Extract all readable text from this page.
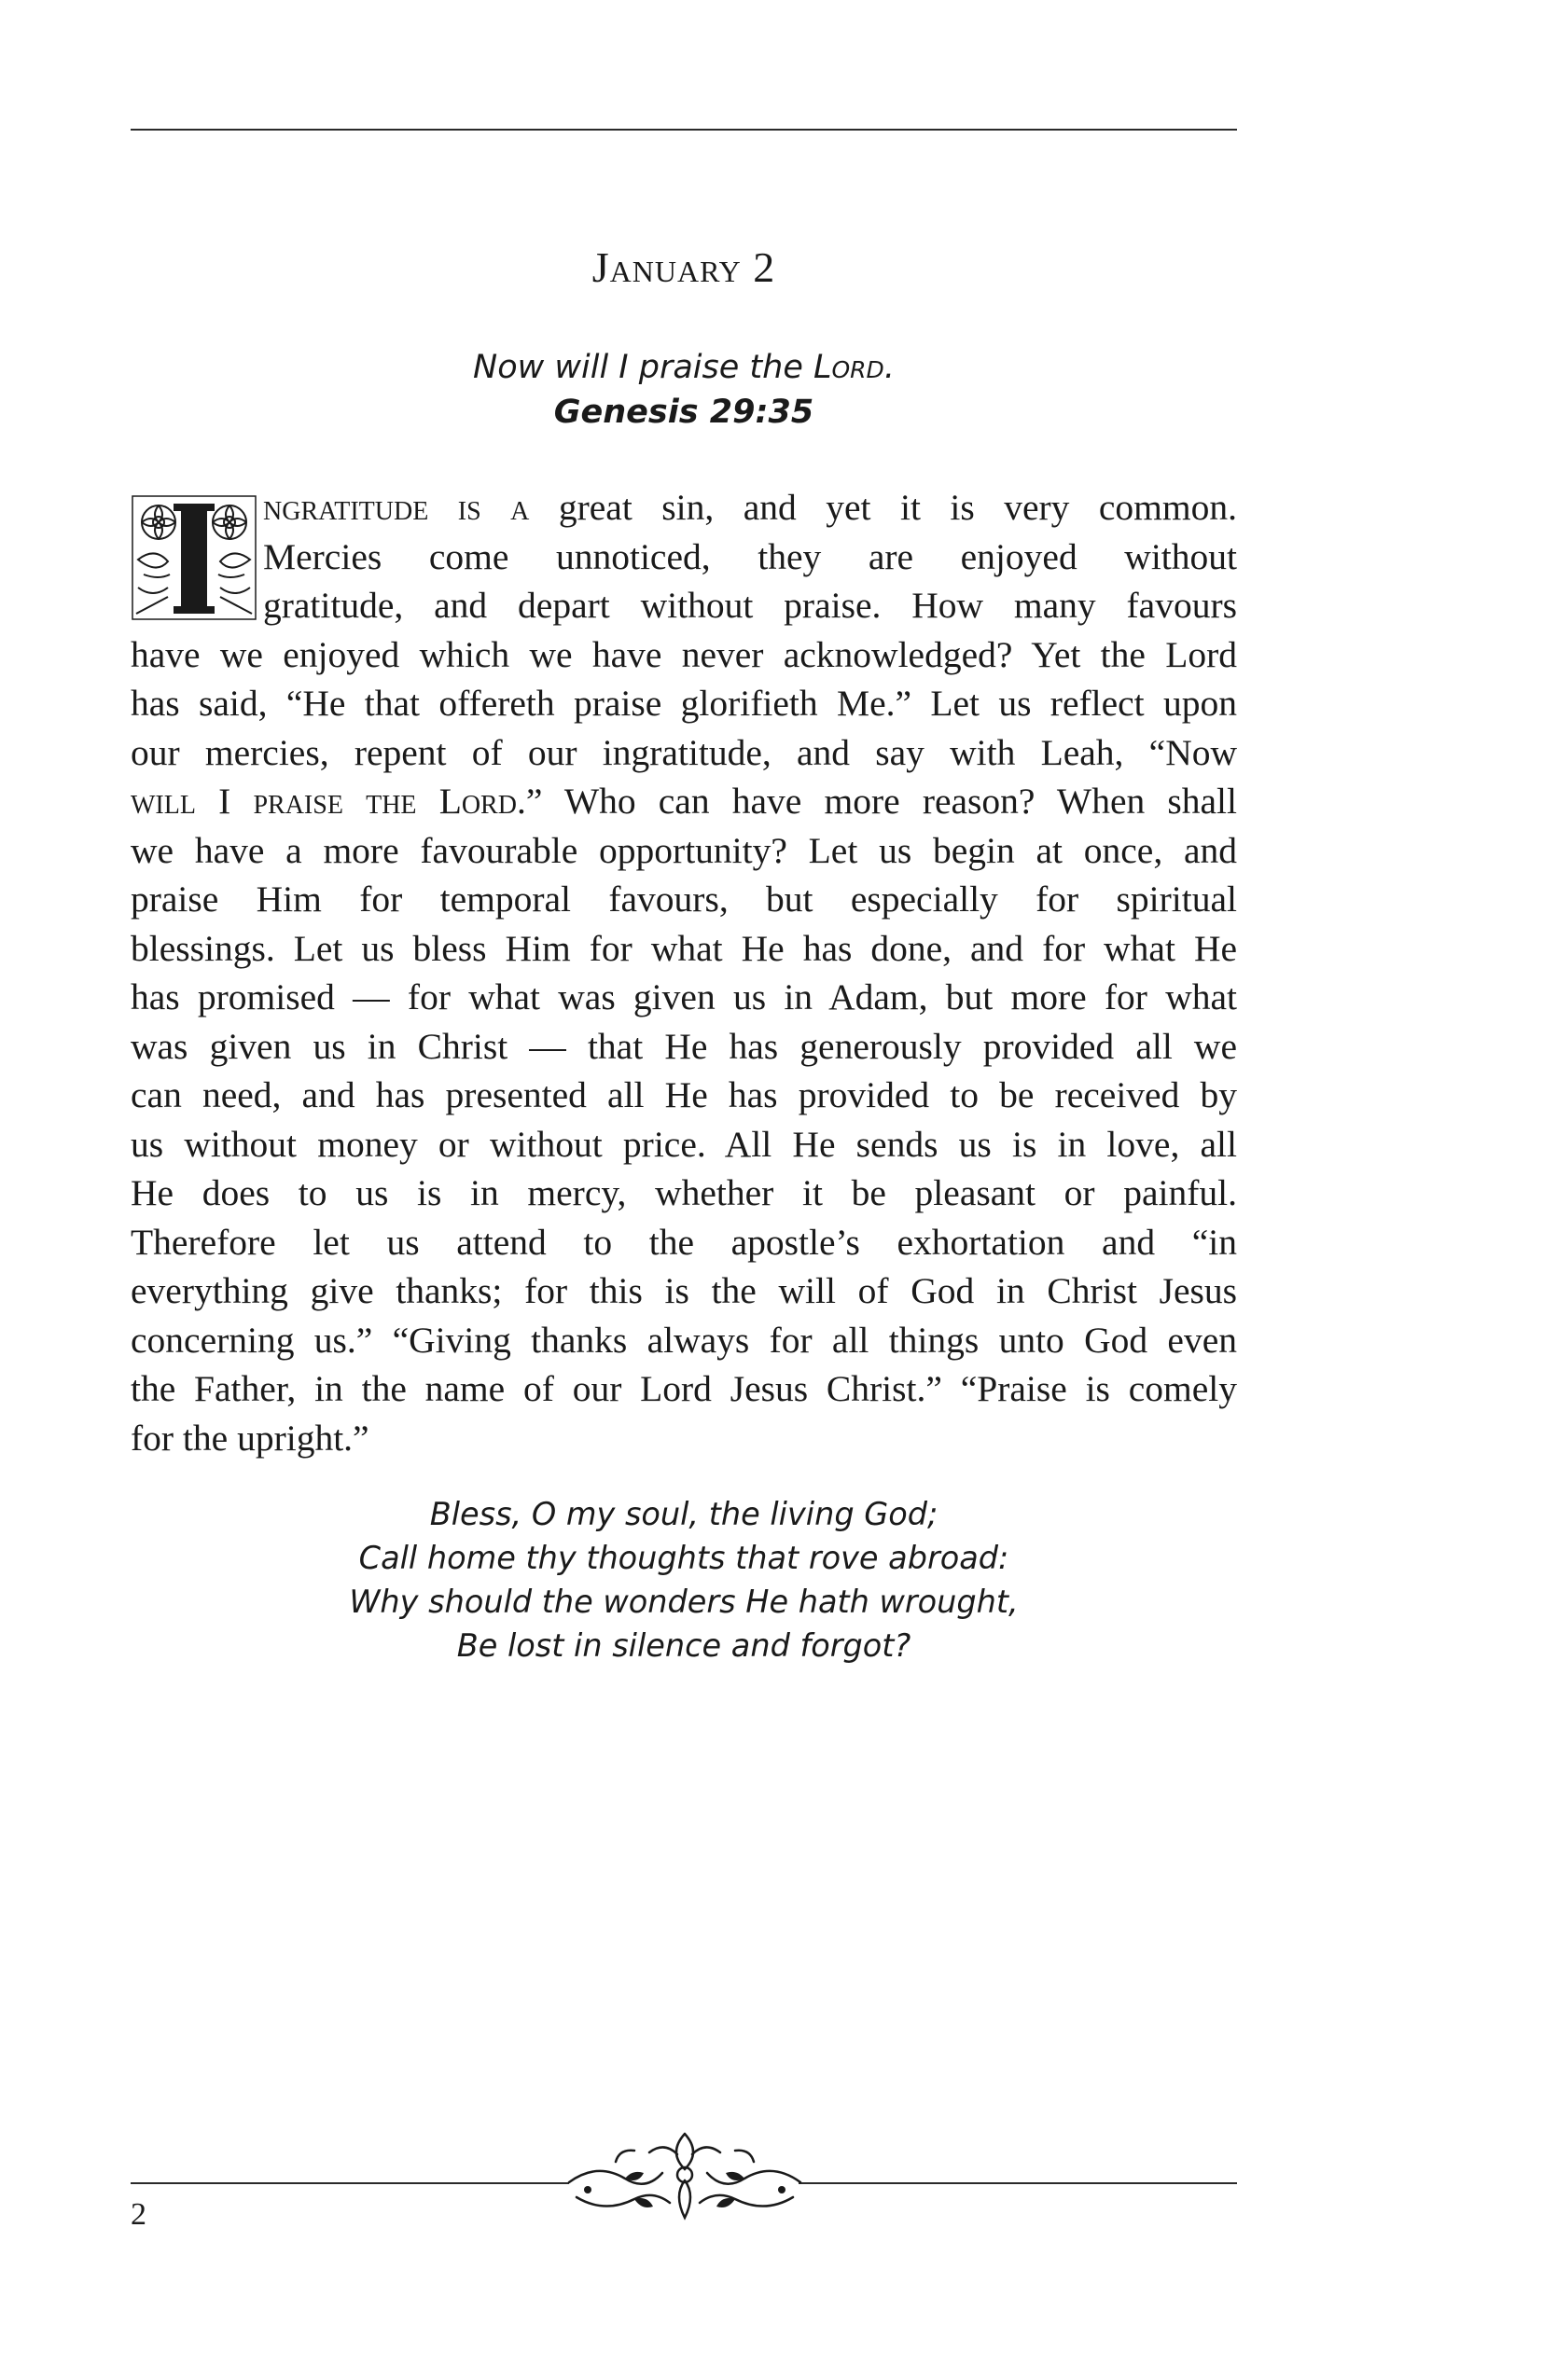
January 2
Now will I praise the Lord.
Genesis 29:35
ngratitude is a great sin, and yet it is very common.
Mercies come unnoticed, they are enjoyed without
gratitude, and depart without praise. How many favours
have we enjoyed which we have never acknowledged? Yet the Lord
has said, “He that offereth praise glorifieth Me.” Let us reflect upon
our mercies, repent of our ingratitude, and say with Leah, “Now
will I praise the Lord.” Who can have more reason? When shall
we have a more favourable opportunity? Let us begin at once, and
praise Him for temporal favours, but especially for spiritual
blessings. Let us bless Him for what He has done, and for what He
has promised — for what was given us in Adam, but more for what
was given us in Christ — that He has generously provided all we
can need, and has presented all He has provided to be received by
us without money or without price. All He sends us is in love, all
He does to us is in mercy, whether it be pleasant or painful.
Therefore let us attend to the apostle’s exhortation and “in
everything give thanks; for this is the will of God in Christ Jesus
concerning us.” “Giving thanks always for all things unto God even
the Father, in the name of our Lord Jesus Christ.” “Praise is comely
for the upright.”
Bless, O my soul, the living God;
Call home thy thoughts that rove abroad:
Why should the wonders He hath wrought,
Be lost in silence and forgot?
2
